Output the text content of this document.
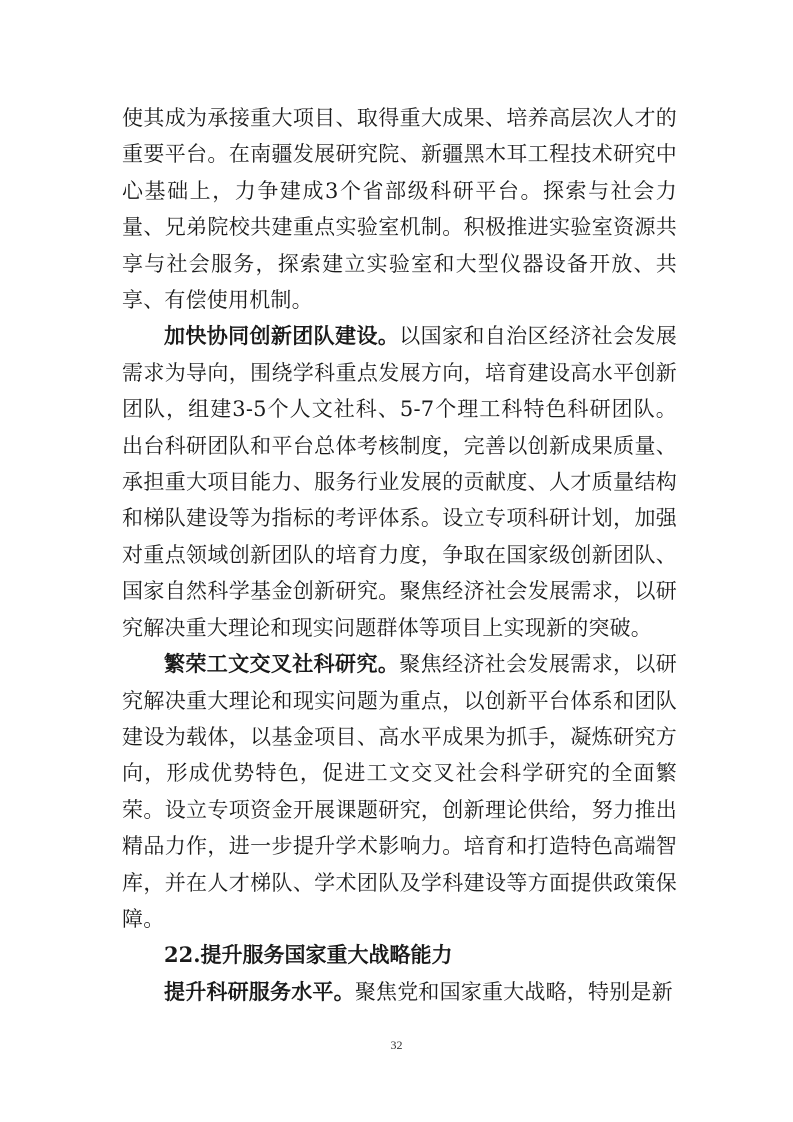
使其成为承接重大项目、取得重大成果、培养高层次人才的重要平台。在南疆发展研究院、新疆黑木耳工程技术研究中心基础上，力争建成3个省部级科研平台。探索与社会力量、兄弟院校共建重点实验室机制。积极推进实验室资源共享与社会服务，探索建立实验室和大型仪器设备开放、共享、有偿使用机制。

加快协同创新团队建设。以国家和自治区经济社会发展需求为导向，围绕学科重点发展方向，培育建设高水平创新团队，组建3-5个人文社科、5-7个理工科特色科研团队。出台科研团队和平台总体考核制度，完善以创新成果质量、承担重大项目能力、服务行业发展的贡献度、人才质量结构和梯队建设等为指标的考评体系。设立专项科研计划，加强对重点领域创新团队的培育力度，争取在国家级创新团队、国家自然科学基金创新研究。聚焦经济社会发展需求，以研究解决重大理论和现实问题群体等项目上实现新的突破。

繁荣工文交叉社科研究。聚焦经济社会发展需求，以研究解决重大理论和现实问题为重点，以创新平台体系和团队建设为载体，以基金项目、高水平成果为抓手，凝炼研究方向，形成优势特色，促进工文交叉社会科学研究的全面繁荣。设立专项资金开展课题研究，创新理论供给，努力推出精品力作，进一步提升学术影响力。培育和打造特色高端智库，并在人才梯队、学术团队及学科建设等方面提供政策保障。

22.提升服务国家重大战略能力

提升科研服务水平。聚焦党和国家重大战略，特别是新

32
